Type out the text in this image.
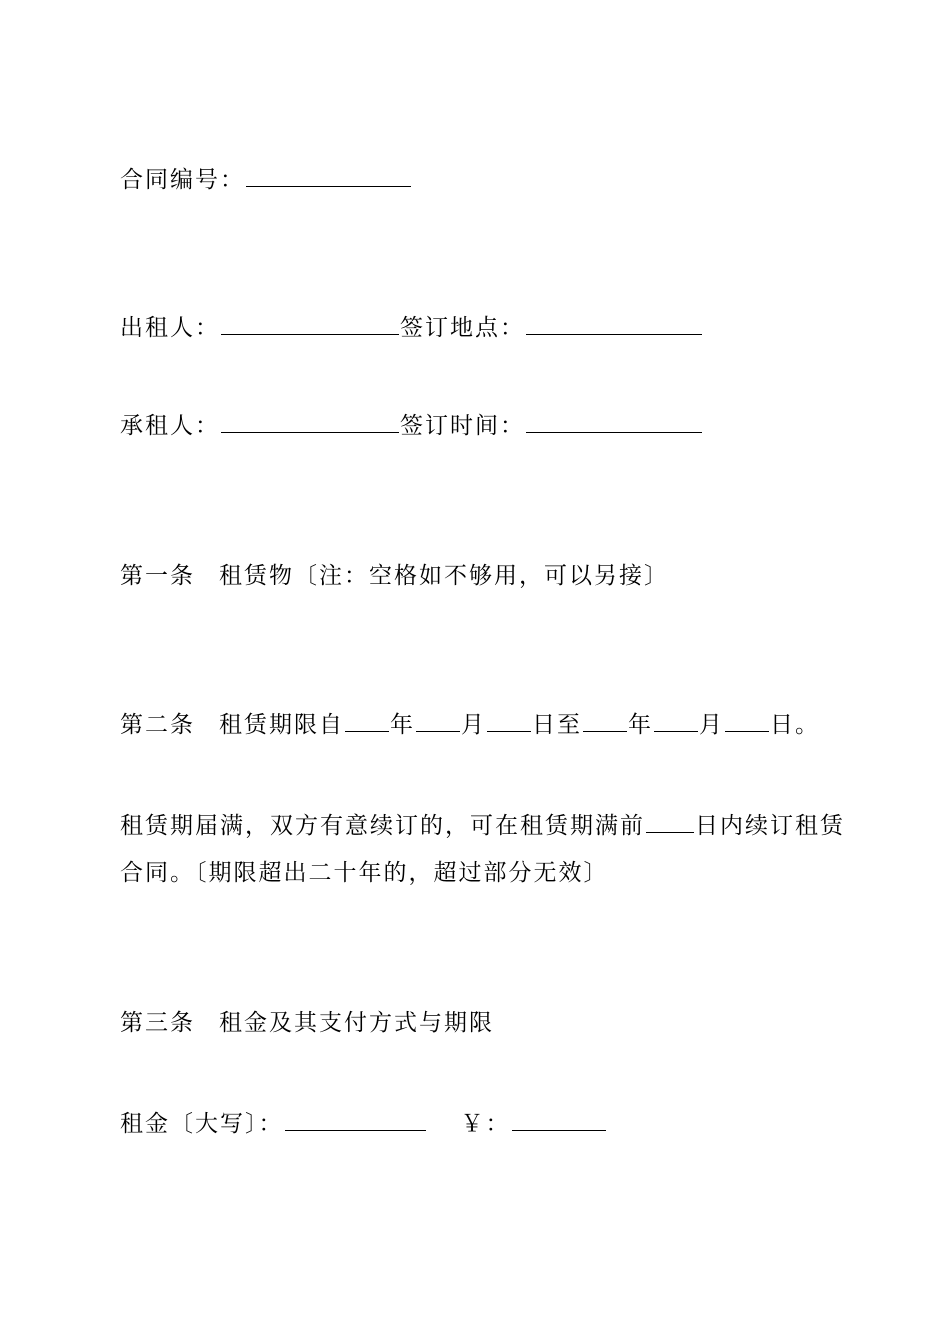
合同编号：
出租人：	签订地点：
承租人：	签订时间：
第一条 租赁物〔注：空格如不够用，可以另接〕
第二条 租赁期限自 年 月 日至 年 月 日。
租赁期届满，双方有意续订的，可在租赁期满前 日内续订租赁
合同。〔期限超出二十年的，超过部分无效〕
第三条 租金及其支付方式与期限
租金〔大写〕：	￥：
